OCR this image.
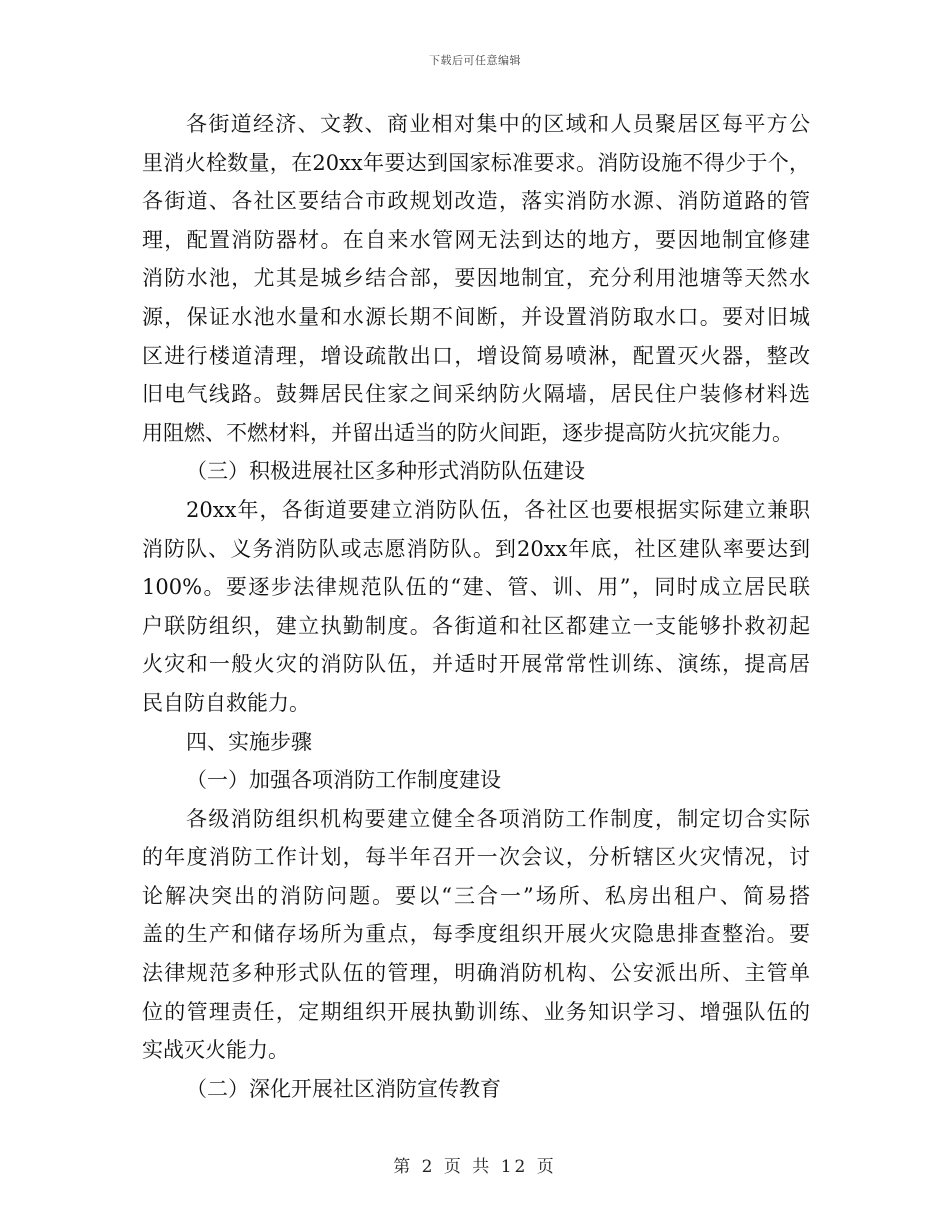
下载后可任意编辑
各街道经济、文教、商业相对集中的区域和人员聚居区每平方公
里消火栓数量，在20xx年要达到国家标准要求。消防设施不得少于个，
各街道、各社区要结合市政规划改造，落实消防水源、消防道路的管
理，配置消防器材。在自来水管网无法到达的地方，要因地制宜修建
消防水池，尤其是城乡结合部，要因地制宜，充分利用池塘等天然水
源，保证水池水量和水源长期不间断，并设置消防取水口。要对旧城
区进行楼道清理，增设疏散出口，增设简易喷淋，配置灭火器，整改
旧电气线路。鼓舞居民住家之间采纳防火隔墙，居民住户装修材料选
用阻燃、不燃材料，并留出适当的防火间距，逐步提高防火抗灾能力。
（三）积极进展社区多种形式消防队伍建设
20xx年，各街道要建立消防队伍，各社区也要根据实际建立兼职
消防队、义务消防队或志愿消防队。到20xx年底，社区建队率要达到
100%。要逐步法律规范队伍的“建、管、训、用”，同时成立居民联
户联防组织，建立执勤制度。各街道和社区都建立一支能够扑救初起
火灾和一般火灾的消防队伍，并适时开展常常性训练、演练，提高居
民自防自救能力。
四、实施步骤
（一）加强各项消防工作制度建设
各级消防组织机构要建立健全各项消防工作制度，制定切合实际
的年度消防工作计划，每半年召开一次会议，分析辖区火灾情况，讨
论解决突出的消防问题。要以“三合一”场所、私房出租户、简易搭
盖的生产和储存场所为重点，每季度组织开展火灾隐患排查整治。要
法律规范多种形式队伍的管理，明确消防机构、公安派出所、主管单
位的管理责任，定期组织开展执勤训练、业务知识学习、增强队伍的
实战灭火能力。
（二）深化开展社区消防宣传教育
第 2 页 共 12 页
